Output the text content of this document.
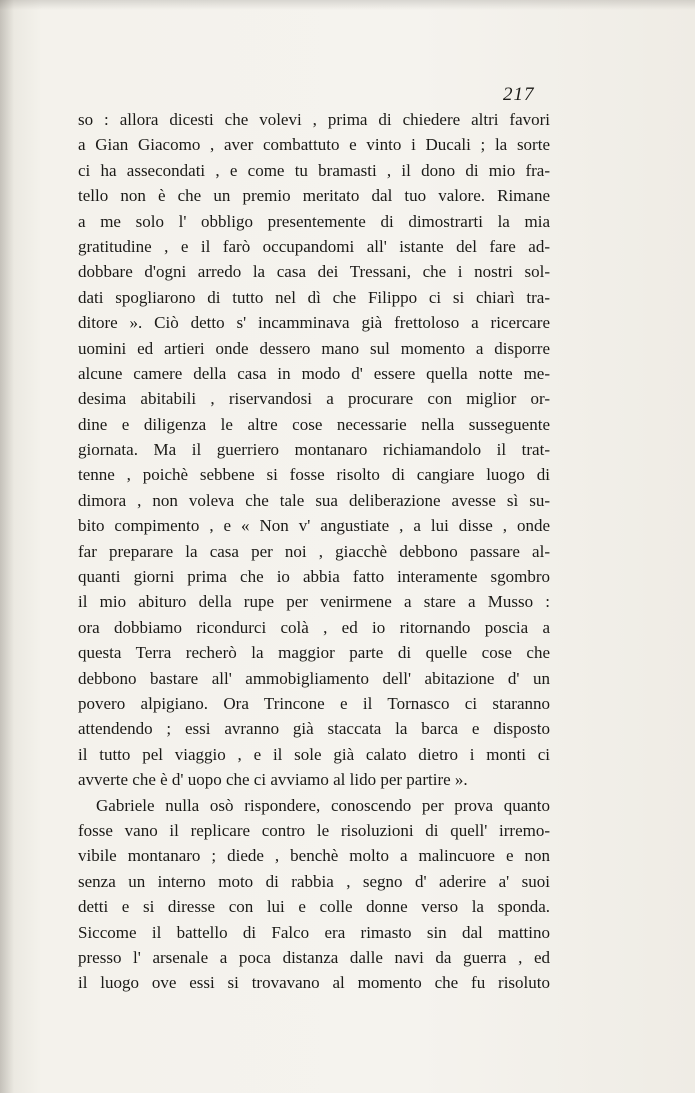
217
so : allora dicesti che volevi , prima di chiedere altri favori
a Gian Giacomo , aver combattuto e vinto i Ducali ; la sorte
ci ha assecondati , e come tu bramasti , il dono di mio fra-
tello non è che un premio meritato dal tuo valore. Rimane
a me solo l' obbligo presentemente di dimostrarti la mia
gratitudine , e il farò occupandomi all' istante del fare ad-
dobbare d'ogni arredo la casa dei Tressani, che i nostri sol-
dati spogliarono di tutto nel dì che Filippo ci si chiarì tra-
ditore ». Ciò detto s' incamminava già frettoloso a ricercare
uomini ed artieri onde dessero mano sul momento a disporre
alcune camere della casa in modo d' essere quella notte me-
desima abitabili , riservandosi a procurare con miglior or-
dine e diligenza le altre cose necessarie nella susseguente
giornata. Ma il guerriero montanaro richiamandolo il trat-
tenne , poichè sebbene si fosse risolto di cangiare luogo di
dimora , non voleva che tale sua deliberazione avesse sì su-
bito compimento , e « Non v' angustiate , a lui disse , onde
far preparare la casa per noi , giacchè debbono passare al-
quanti giorni prima che io abbia fatto interamente sgombro
il mio abituro della rupe per venirmene a stare a Musso :
ora dobbiamo ricondurci colà , ed io ritornando poscia a
questa Terra recherò la maggior parte di quelle cose che
debbono bastare all' ammobigliamento dell' abitazione d' un
povero alpigiano. Ora Trincone e il Tornasco ci staranno
attendendo ; essi avranno già staccata la barca e disposto
il tutto pel viaggio , e il sole già calato dietro i monti ci
avverte che è d' uopo che ci avviamo al lido per partire ».
Gabriele nulla osò rispondere, conoscendo per prova quanto
fosse vano il replicare contro le risoluzioni di quell' irremo-
vibile montanaro ; diede , benchè molto a malincuore e non
senza un interno moto di rabbia , segno d' aderire a' suoi
detti e si diresse con lui e colle donne verso la sponda.
Siccome il battello di Falco era rimasto sin dal mattino
presso l' arsenale a poca distanza dalle navi da guerra , ed
il luogo ove essi si trovavano al momento che fu risoluto
